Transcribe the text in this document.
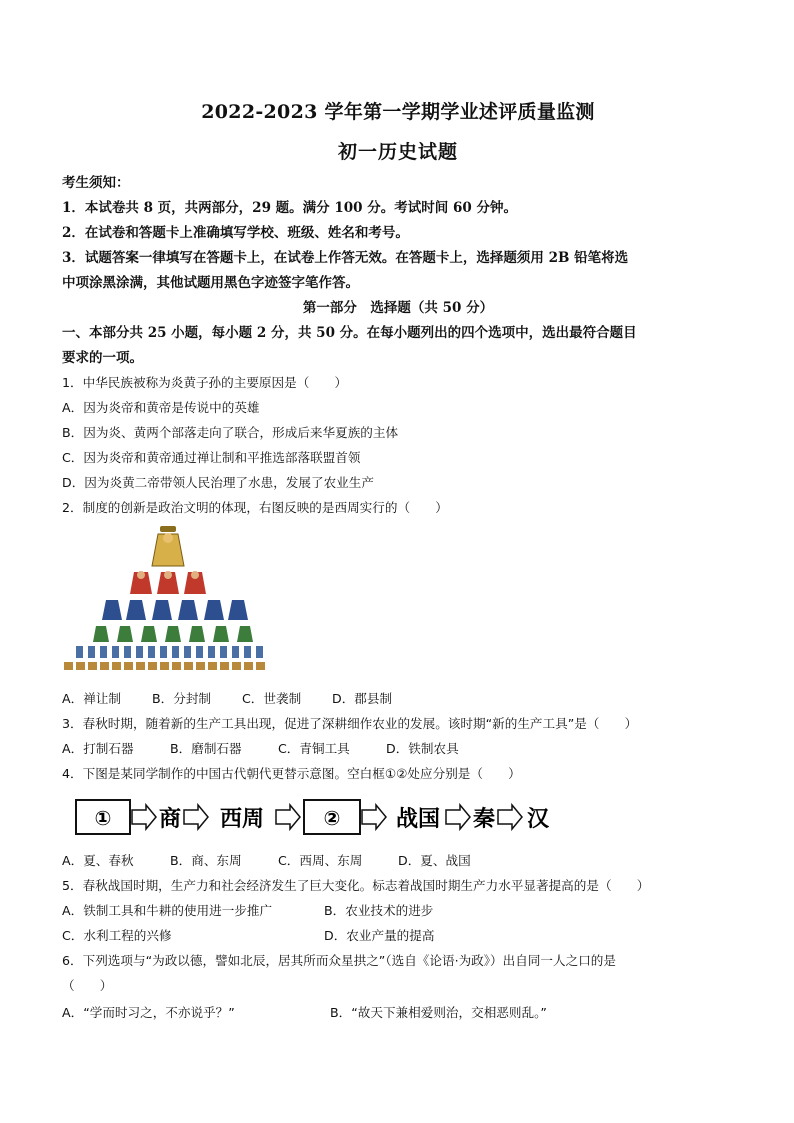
2022-2023 学年第一学期学业述评质量监测
初一历史试题
考生须知：
1．本试卷共 8 页，共两部分，29 题。满分 100 分。考试时间 60 分钟。
2．在试卷和答题卡上准确填写学校、班级、姓名和考号。
3．试题答案一律填写在答题卡上，在试卷上作答无效。在答题卡上，选择题须用 2B 铅笔将选
中项涂黑涂满，其他试题用黑色字迹签字笔作答。
第一部分　选择题（共 50 分）
一、本部分共 25 小题，每小题 2 分，共 50 分。在每小题列出的四个选项中，选出最符合题目
要求的一项。
1．中华民族被称为炎黄子孙的主要原因是（　　）
A．因为炎帝和黄帝是传说中的英雄
B．因为炎、黄两个部落走向了联合，形成后来华夏族的主体
C．因为炎帝和黄帝通过禅让制和平推选部落联盟首领
D．因为炎黄二帝带领人民治理了水患，发展了农业生产
2．制度的创新是政治文明的体现，右图反映的是西周实行的（　　）
A．禅让制 B．分封制 C．世袭制 D．郡县制
3．春秋时期，随着新的生产工具出现，促进了深耕细作农业的发展。该时期“新的生产工具”是（　　）
A．打制石器	B．磨制石器	C．青铜工具	D．铁制农具
4．下图是某同学制作的中国古代朝代更替示意图。空白框①②处应分别是（　　）
① 商 西周	②	战国 秦 汉
A．夏、春秋	B．商、东周	C．西周、东周	D．夏、战国
5．春秋战国时期，生产力和社会经济发生了巨大变化。标志着战国时期生产力水平显著提高的是（　　）
A．铁制工具和牛耕的使用进一步推广	B．农业技术的进步
C．水利工程的兴修	D．农业产量的提高
6．下列选项与“为政以德，譬如北辰，居其所而众星拱之”（选自《论语·为政》）出自同一人之口的是
（　　）
A．“学而时习之，不亦说乎？”	B．“故天下兼相爱则治，交相恶则乱。”
